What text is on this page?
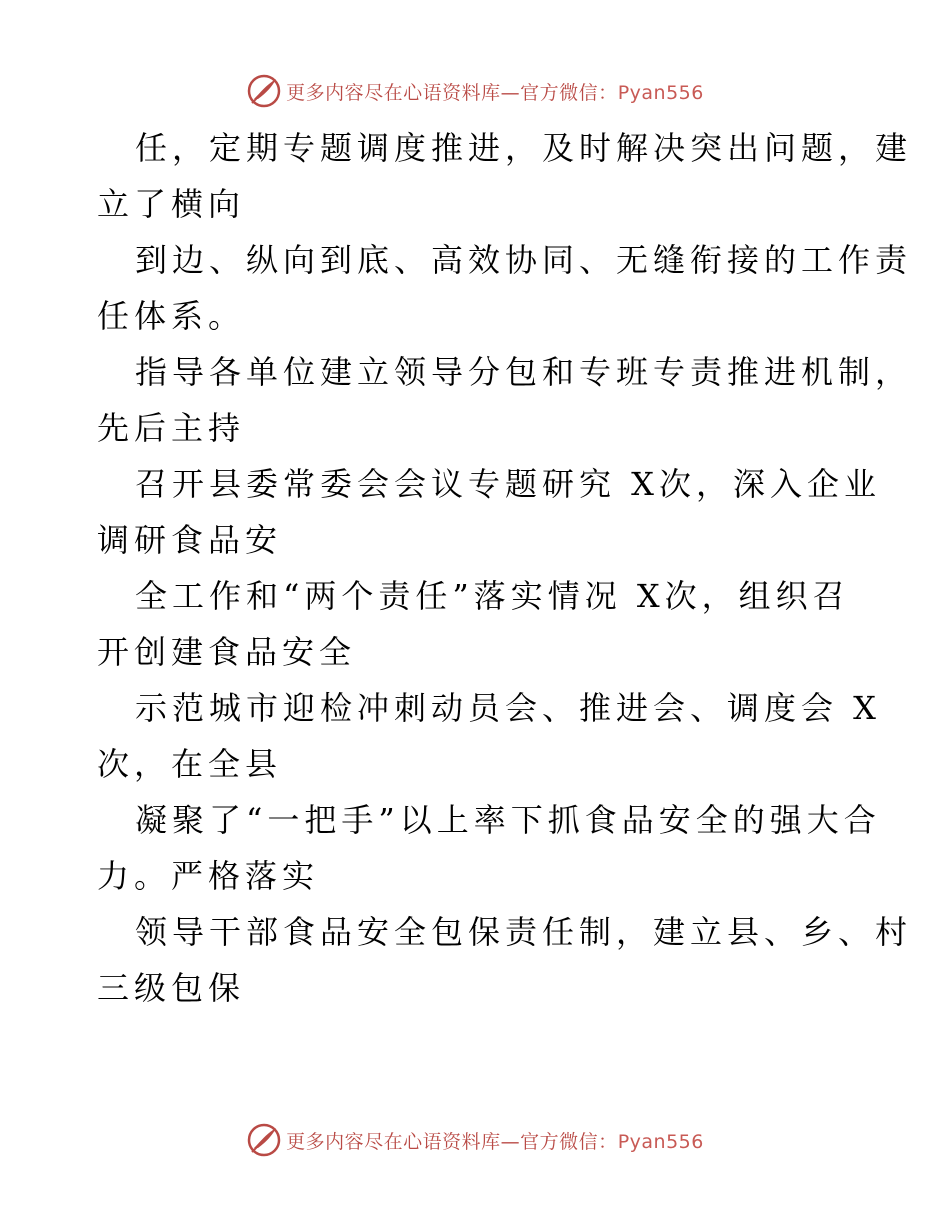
更多内容尽在心语资料库—官方微信：Pyan556

任，定期专题调度推进，及时解决突出问题，建
立了横向

到边、纵向到底、高效协同、无缝衔接的工作责
任体系。

指导各单位建立领导分包和专班专责推进机制，
先后主持

召开县委常委会会议专题研究 X次，深入企业
调研食品安

全工作和“两个责任”落实情况 X次，组织召
开创建食品安全

示范城市迎检冲刺动员会、推进会、调度会 X
次，在全县

凝聚了“一把手”以上率下抓食品安全的强大合
力。严格落实

领导干部食品安全包保责任制，建立县、乡、村
三级包保

更多内容尽在心语资料库—官方微信：Pyan556
